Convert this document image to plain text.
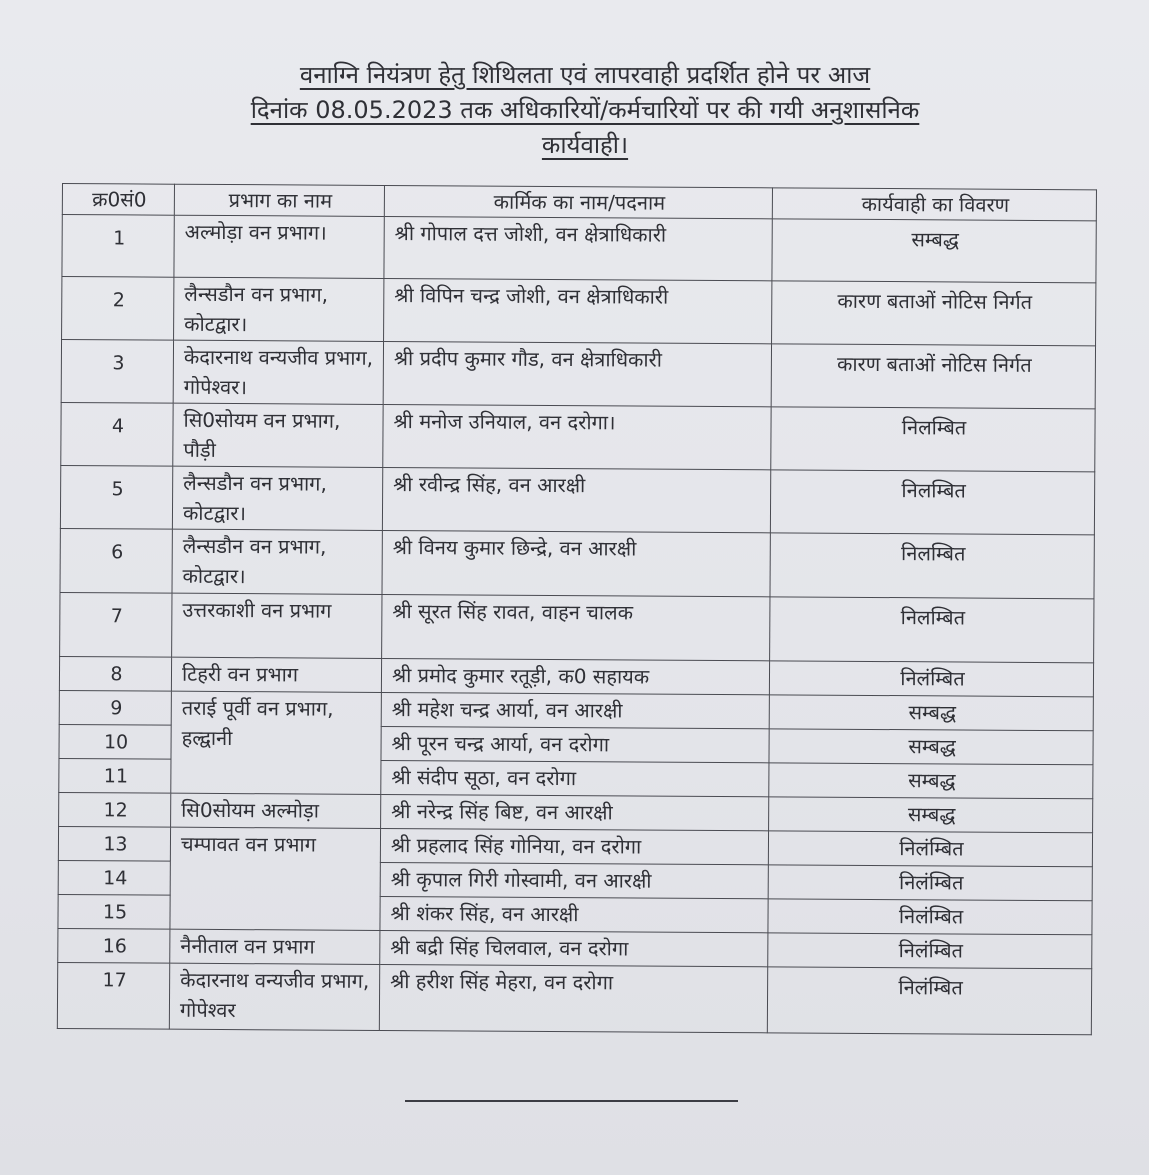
वनाग्नि नियंत्रण हेतु शिथिलता एवं लापरवाही प्रदर्शित होने पर आज
दिनांक 08.05.2023 तक अधिकारियों/कर्मचारियों पर की गयी अनुशासनिक
कार्यवाही।
क्र0सं0	प्रभाग का नाम	कार्मिक का नाम/पदनाम	कार्यवाही का विवरण
1	अल्मोड़ा वन प्रभाग।	श्री गोपाल दत्त जोशी, वन क्षेत्राधिकारी	सम्बद्ध
2	लैन्सडौन वन प्रभाग, कोटद्वार।	श्री विपिन चन्द्र जोशी, वन क्षेत्राधिकारी	कारण बताओं नोटिस निर्गत
3	केदारनाथ वन्यजीव प्रभाग, गोपेश्वर।	श्री प्रदीप कुमार गौड, वन क्षेत्राधिकारी	कारण बताओं नोटिस निर्गत
4	सि0सोयम वन प्रभाग, पौड़ी	श्री मनोज उनियाल, वन दरोगा।	निलम्बित
5	लैन्सडौन वन प्रभाग, कोटद्वार।	श्री रवीन्द्र सिंह, वन आरक्षी	निलम्बित
6	लैन्सडौन वन प्रभाग, कोटद्वार।	श्री विनय कुमार छिन्द्रे, वन आरक्षी	निलम्बित
7	उत्तरकाशी वन प्रभाग	श्री सूरत सिंह रावत, वाहन चालक	निलम्बित
8	टिहरी वन प्रभाग	श्री प्रमोद कुमार रतूड़ी, क0 सहायक	निलंम्बित
9	तराई पूर्वी वन प्रभाग, हल्द्वानी	श्री महेश चन्द्र आर्या, वन आरक्षी	सम्बद्ध
10		श्री पूरन चन्द्र आर्या, वन दरोगा	सम्बद्ध
11		श्री संदीप सूठा, वन दरोगा	सम्बद्ध
12	सि0सोयम अल्मोड़ा	श्री नरेन्द्र सिंह बिष्ट, वन आरक्षी	सम्बद्ध
13	चम्पावत वन प्रभाग	श्री प्रहलाद सिंह गोनिया, वन दरोगा	निलंम्बित
14		श्री कृपाल गिरी गोस्वामी, वन आरक्षी	निलंम्बित
15		श्री शंकर सिंह, वन आरक्षी	निलंम्बित
16	नैनीताल वन प्रभाग	श्री बद्री सिंह चिलवाल, वन दरोगा	निलंम्बित
17	केदारनाथ वन्यजीव प्रभाग, गोपेश्वर	श्री हरीश सिंह मेहरा, वन दरोगा	निलंम्बित
